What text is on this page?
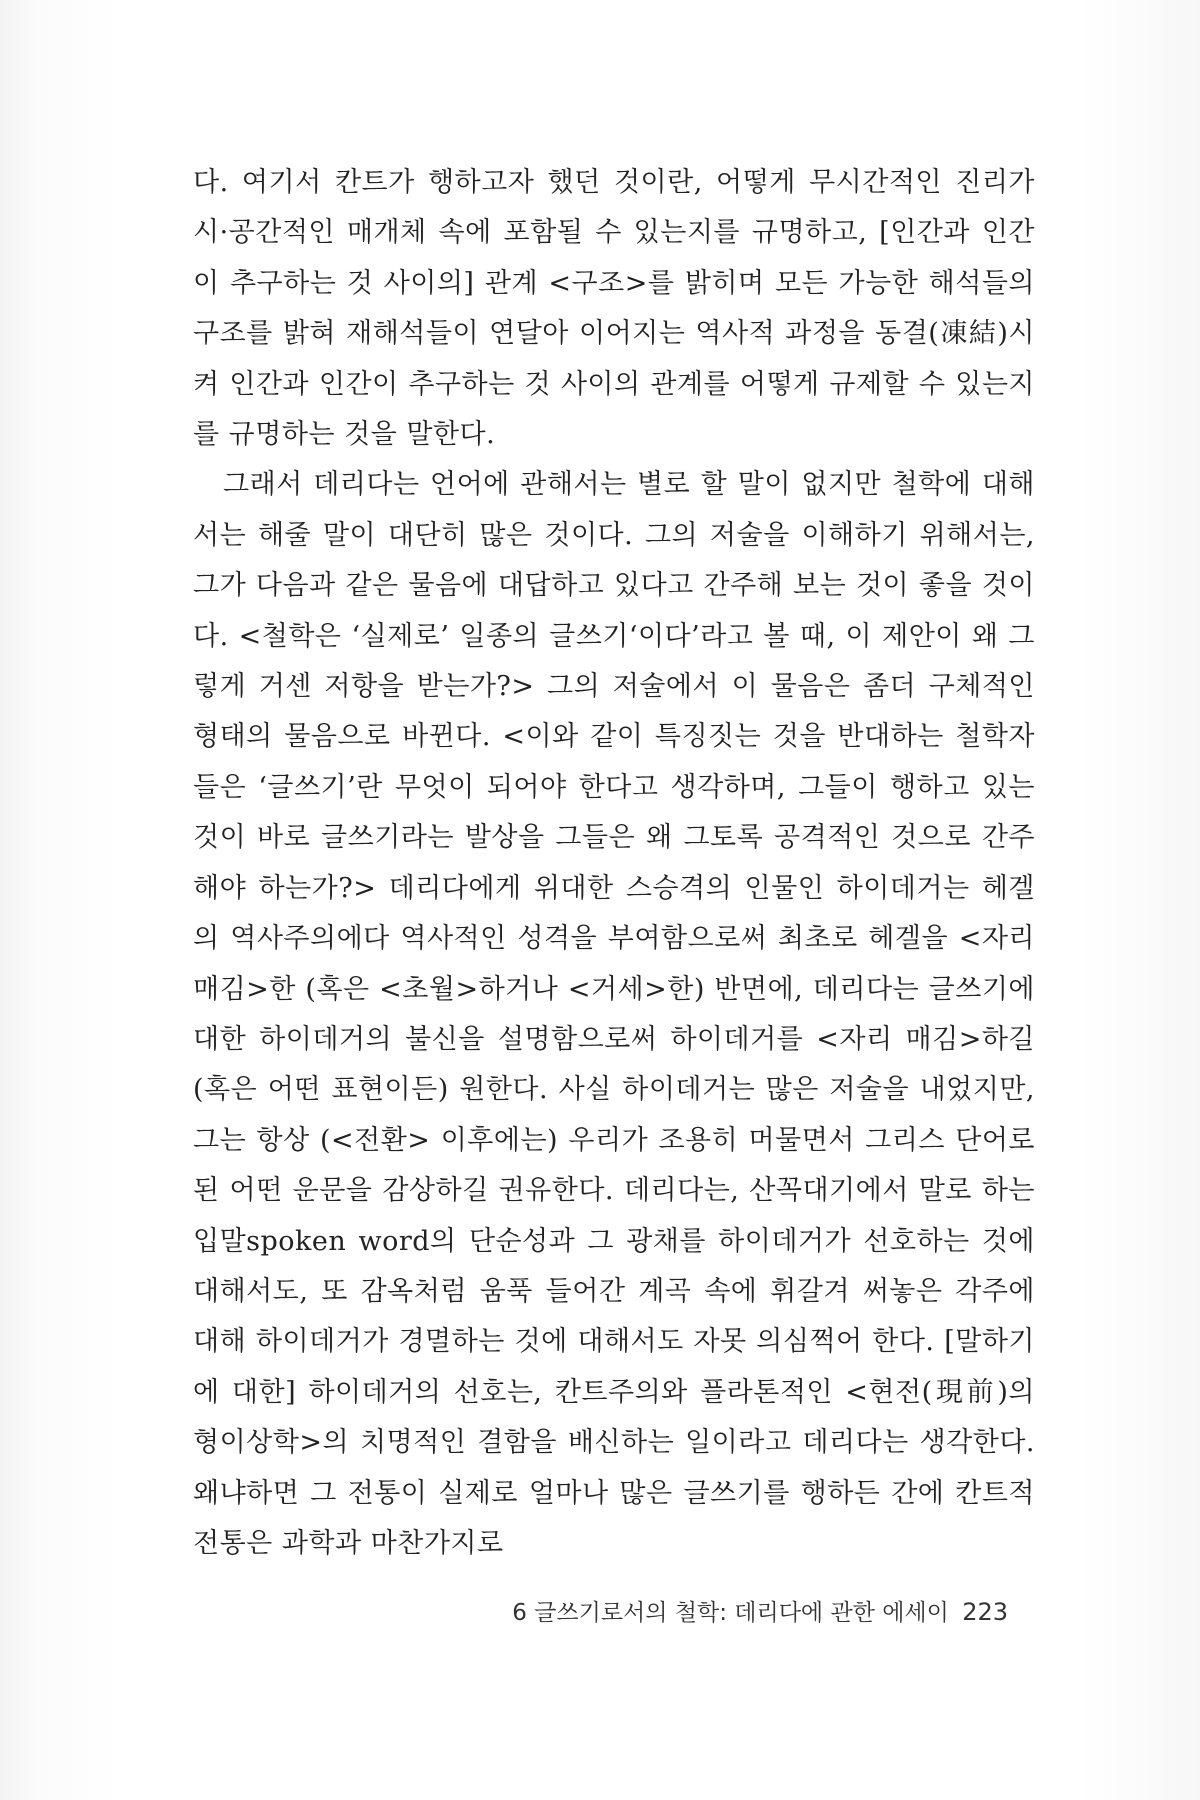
다. 여기서 칸트가 행하고자 했던 것이란, 어떻게 무시간적인 진리가 시·공간적인 매개체 속에 포함될 수 있는지를 규명하고, [인간과 인간이 추구하는 것 사이의] 관계 <구조>를 밝히며 모든 가능한 해석들의 구조를 밝혀 재해석들이 연달아 이어지는 역사적 과정을 동결(凍結)시켜 인간과 인간이 추구하는 것 사이의 관계를 어떻게 규제할 수 있는지를 규명하는 것을 말한다.

그래서 데리다는 언어에 관해서는 별로 할 말이 없지만 철학에 대해서는 해줄 말이 대단히 많은 것이다. 그의 저술을 이해하기 위해서는, 그가 다음과 같은 물음에 대답하고 있다고 간주해 보는 것이 좋을 것이다. <철학은 ‘실제로’ 일종의 글쓰기‘이다’라고 볼 때, 이 제안이 왜 그렇게 거센 저항을 받는가?> 그의 저술에서 이 물음은 좀더 구체적인 형태의 물음으로 바뀐다. <이와 같이 특징짓는 것을 반대하는 철학자들은 ‘글쓰기’란 무엇이 되어야 한다고 생각하며, 그들이 행하고 있는 것이 바로 글쓰기라는 발상을 그들은 왜 그토록 공격적인 것으로 간주해야 하는가?> 데리다에게 위대한 스승격의 인물인 하이데거는 헤겔의 역사주의에다 역사적인 성격을 부여함으로써 최초로 헤겔을 <자리 매김>한 (혹은 <초월>하거나 <거세>한) 반면에, 데리다는 글쓰기에 대한 하이데거의 불신을 설명함으로써 하이데거를 <자리 매김>하길 (혹은 어떤 표현이든) 원한다. 사실 하이데거는 많은 저술을 내었지만, 그는 항상 (<전환> 이후에는) 우리가 조용히 머물면서 그리스 단어로 된 어떤 운문을 감상하길 권유한다. 데리다는, 산꼭대기에서 말로 하는 입말spoken word의 단순성과 그 광채를 하이데거가 선호하는 것에 대해서도, 또 감옥처럼 움푹 들어간 계곡 속에 휘갈겨 써놓은 각주에 대해 하이데거가 경멸하는 것에 대해서도 자못 의심쩍어 한다. [말하기에 대한] 하이데거의 선호는, 칸트주의와 플라톤적인 <현전(現前)의 형이상학>의 치명적인 결함을 배신하는 일이라고 데리다는 생각한다. 왜냐하면 그 전통이 실제로 얼마나 많은 글쓰기를 행하든 간에 칸트적 전통은 과학과 마찬가지로

6 글쓰기로서의 철학: 데리다에 관한 에세이 223
